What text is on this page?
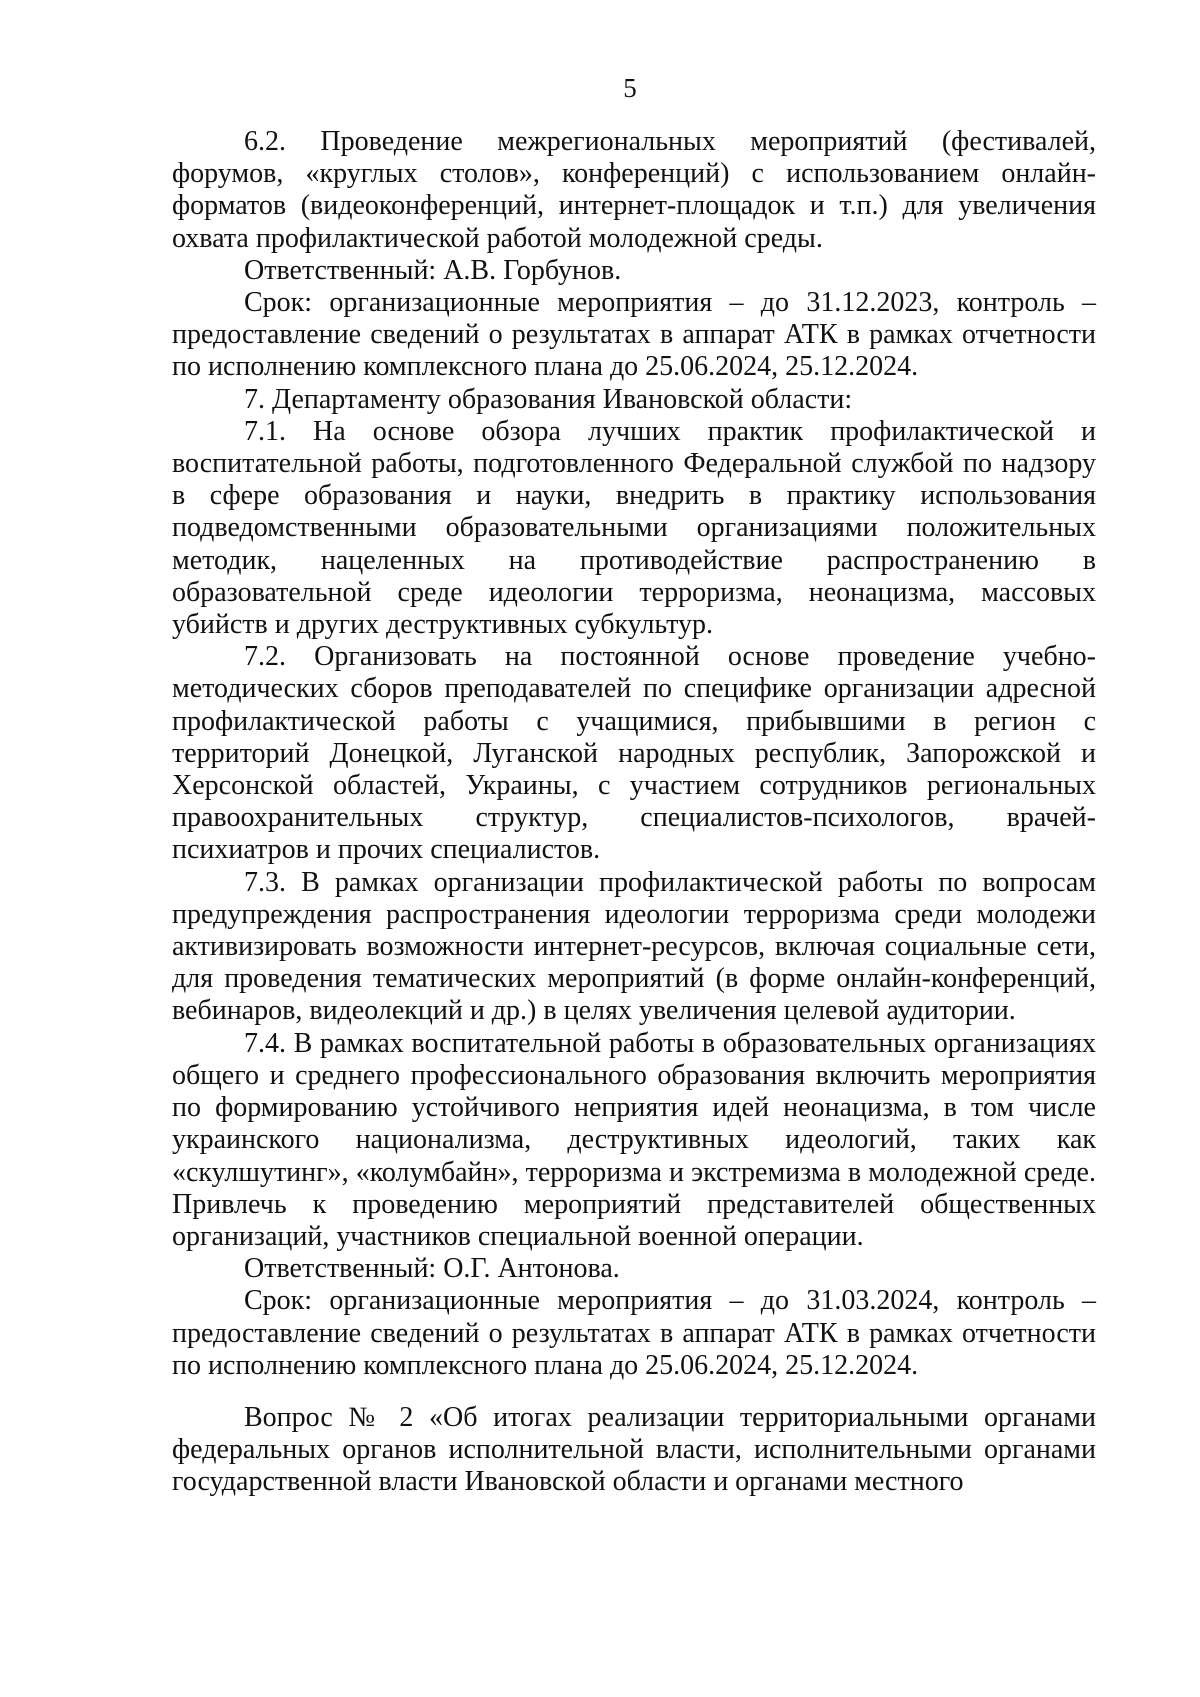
5

6.2. Проведение межрегиональных мероприятий (фестивалей, форумов, «круглых столов», конференций) с использованием онлайн-форматов (видеоконференций, интернет-площадок и т.п.) для увеличения охвата профилактической работой молодежной среды.

Ответственный: А.В. Горбунов.

Срок: организационные мероприятия – до 31.12.2023, контроль – предоставление сведений о результатах в аппарат АТК в рамках отчетности по исполнению комплексного плана до 25.06.2024, 25.12.2024.

7. Департаменту образования Ивановской области:

7.1. На основе обзора лучших практик профилактической и воспитательной работы, подготовленного Федеральной службой по надзору в сфере образования и науки, внедрить в практику использования подведомственными образовательными организациями положительных методик, нацеленных на противодействие распространению в образовательной среде идеологии терроризма, неонацизма, массовых убийств и других деструктивных субкультур.

7.2. Организовать на постоянной основе проведение учебно-методических сборов преподавателей по специфике организации адресной профилактической работы с учащимися, прибывшими в регион с территорий Донецкой, Луганской народных республик, Запорожской и Херсонской областей, Украины, с участием сотрудников региональных правоохранительных структур, специалистов-психологов, врачей-психиатров и прочих специалистов.

7.3. В рамках организации профилактической работы по вопросам предупреждения распространения идеологии терроризма среди молодежи активизировать возможности интернет-ресурсов, включая социальные сети, для проведения тематических мероприятий (в форме онлайн-конференций, вебинаров, видеолекций и др.) в целях увеличения целевой аудитории.

7.4. В рамках воспитательной работы в образовательных организациях общего и среднего профессионального образования включить мероприятия по формированию устойчивого неприятия идей неонацизма, в том числе украинского национализма, деструктивных идеологий, таких как «скулшутинг», «колумбайн», терроризма и экстремизма в молодежной среде. Привлечь к проведению мероприятий представителей общественных организаций, участников специальной военной операции.

Ответственный: О.Г. Антонова.

Срок: организационные мероприятия – до 31.03.2024, контроль – предоставление сведений о результатах в аппарат АТК в рамках отчетности по исполнению комплексного плана до 25.06.2024, 25.12.2024.

Вопрос № 2 «Об итогах реализации территориальными органами федеральных органов исполнительной власти, исполнительными органами государственной власти Ивановской области и органами местного
